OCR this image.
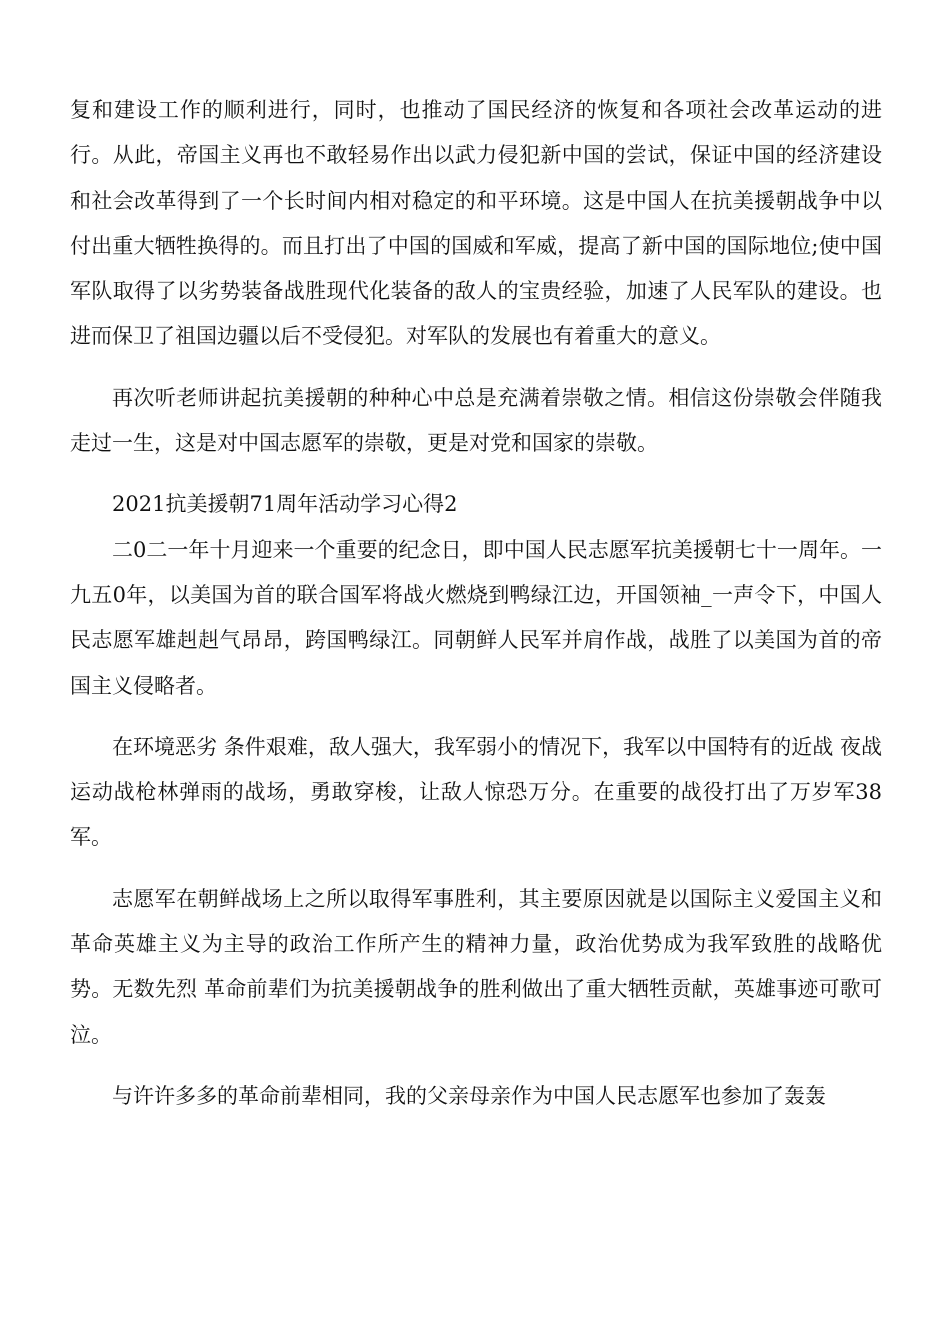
复和建设工作的顺利进行，同时，也推动了国民经济的恢复和各项社会改革运动的进行。从此，帝国主义再也不敢轻易作出以武力侵犯新中国的尝试，保证中国的经济建设和社会改革得到了一个长时间内相对稳定的和平环境。这是中国人在抗美援朝战争中以付出重大牺牲换得的。而且打出了中国的国威和军威，提高了新中国的国际地位;使中国军队取得了以劣势装备战胜现代化装备的敌人的宝贵经验，加速了人民军队的建设。也进而保卫了祖国边疆以后不受侵犯。对军队的发展也有着重大的意义。

再次听老师讲起抗美援朝的种种心中总是充满着崇敬之情。相信这份崇敬会伴随我走过一生，这是对中国志愿军的崇敬，更是对党和国家的崇敬。

2021抗美援朝71周年活动学习心得2

二0二一年十月迎来一个重要的纪念日，即中国人民志愿军抗美援朝七十一周年。一九五0年，以美国为首的联合国军将战火燃烧到鸭绿江边，开国领袖_一声令下，中国人民志愿军雄赳赳气昂昂，跨国鸭绿江。同朝鲜人民军并肩作战，战胜了以美国为首的帝国主义侵略者。

在环境恶劣 条件艰难，敌人强大，我军弱小的情况下，我军以中国特有的近战 夜战 运动战枪林弹雨的战场，勇敢穿梭，让敌人惊恐万分。在重要的战役打出了万岁军38军。

志愿军在朝鲜战场上之所以取得军事胜利，其主要原因就是以国际主义爱国主义和革命英雄主义为主导的政治工作所产生的精神力量，政治优势成为我军致胜的战略优势。无数先烈 革命前辈们为抗美援朝战争的胜利做出了重大牺牲贡献，英雄事迹可歌可泣。

与许许多多的革命前辈相同，我的父亲母亲作为中国人民志愿军也参加了轰轰
